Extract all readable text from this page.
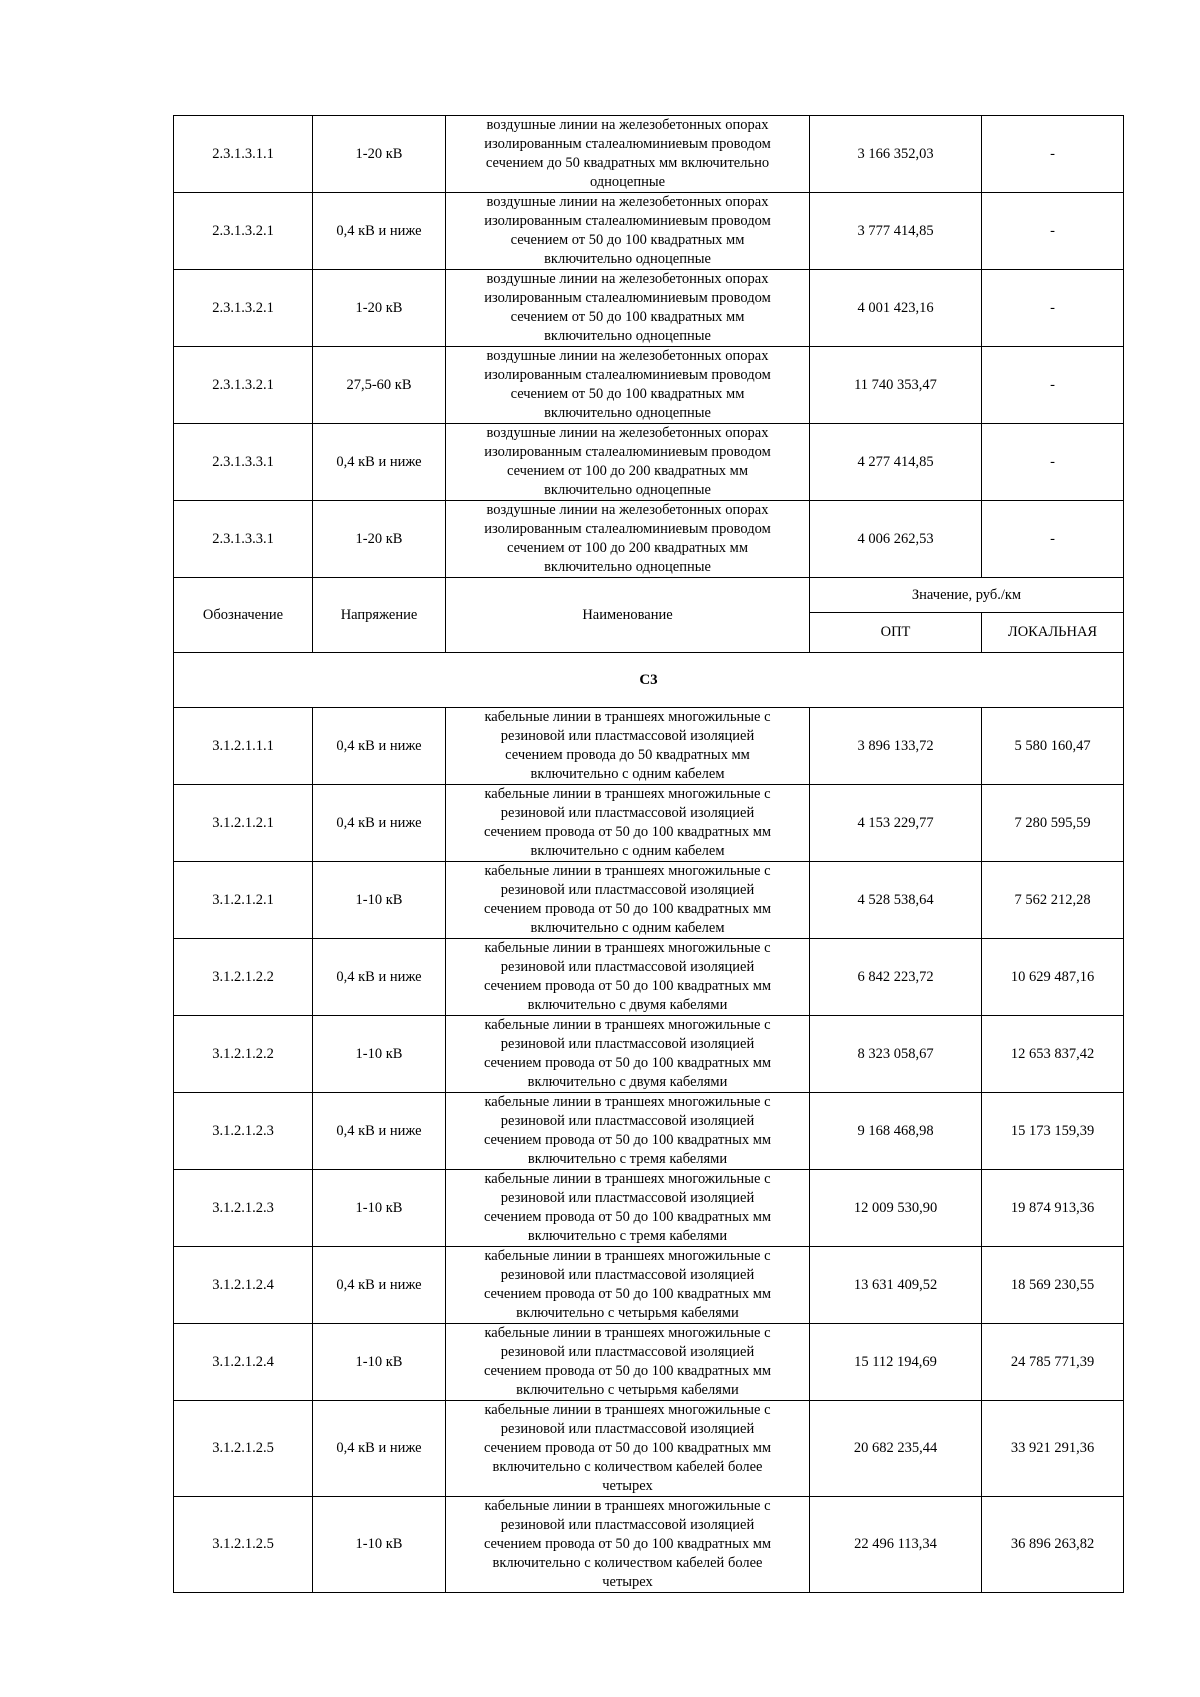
2.3.1.3.1.1	1-20 кВ	воздушные линии на железобетонных опорах
изолированным сталеалюминиевым проводом
сечением до 50 квадратных мм включительно
одноцепные	3 166 352,03	-
2.3.1.3.2.1	0,4 кВ и ниже	воздушные линии на железобетонных опорах
изолированным сталеалюминиевым проводом
сечением от 50 до 100 квадратных мм
включительно одноцепные	3 777 414,85	-
2.3.1.3.2.1	1-20 кВ	воздушные линии на железобетонных опорах
изолированным сталеалюминиевым проводом
сечением от 50 до 100 квадратных мм
включительно одноцепные	4 001 423,16	-
2.3.1.3.2.1	27,5-60 кВ	воздушные линии на железобетонных опорах
изолированным сталеалюминиевым проводом
сечением от 50 до 100 квадратных мм
включительно одноцепные	11 740 353,47	-
2.3.1.3.3.1	0,4 кВ и ниже	воздушные линии на железобетонных опорах
изолированным сталеалюминиевым проводом
сечением от 100 до 200 квадратных мм
включительно одноцепные	4 277 414,85	-
2.3.1.3.3.1	1-20 кВ	воздушные линии на железобетонных опорах
изолированным сталеалюминиевым проводом
сечением от 100 до 200 квадратных мм
включительно одноцепные	4 006 262,53	-
Обозначение	Напряжение	Наименование	Значение, руб./км	
			ОПТ	ЛОКАЛЬНАЯ
С3				
3.1.2.1.1.1	0,4 кВ и ниже	кабельные линии в траншеях многожильные с
резиновой или пластмассовой изоляцией
сечением провода до 50 квадратных мм
включительно с одним кабелем	3 896 133,72	5 580 160,47
3.1.2.1.2.1	0,4 кВ и ниже	кабельные линии в траншеях многожильные с
резиновой или пластмассовой изоляцией
сечением провода от 50 до 100 квадратных мм
включительно с одним кабелем	4 153 229,77	7 280 595,59
3.1.2.1.2.1	1-10 кВ	кабельные линии в траншеях многожильные с
резиновой или пластмассовой изоляцией
сечением провода от 50 до 100 квадратных мм
включительно с одним кабелем	4 528 538,64	7 562 212,28
3.1.2.1.2.2	0,4 кВ и ниже	кабельные линии в траншеях многожильные с
резиновой или пластмассовой изоляцией
сечением провода от 50 до 100 квадратных мм
включительно с двумя кабелями	6 842 223,72	10 629 487,16
3.1.2.1.2.2	1-10 кВ	кабельные линии в траншеях многожильные с
резиновой или пластмассовой изоляцией
сечением провода от 50 до 100 квадратных мм
включительно с двумя кабелями	8 323 058,67	12 653 837,42
3.1.2.1.2.3	0,4 кВ и ниже	кабельные линии в траншеях многожильные с
резиновой или пластмассовой изоляцией
сечением провода от 50 до 100 квадратных мм
включительно с тремя кабелями	9 168 468,98	15 173 159,39
3.1.2.1.2.3	1-10 кВ	кабельные линии в траншеях многожильные с
резиновой или пластмассовой изоляцией
сечением провода от 50 до 100 квадратных мм
включительно с тремя кабелями	12 009 530,90	19 874 913,36
3.1.2.1.2.4	0,4 кВ и ниже	кабельные линии в траншеях многожильные с
резиновой или пластмассовой изоляцией
сечением провода от 50 до 100 квадратных мм
включительно с четырьмя кабелями	13 631 409,52	18 569 230,55
3.1.2.1.2.4	1-10 кВ	кабельные линии в траншеях многожильные с
резиновой или пластмассовой изоляцией
сечением провода от 50 до 100 квадратных мм
включительно с четырьмя кабелями	15 112 194,69	24 785 771,39
3.1.2.1.2.5	0,4 кВ и ниже	кабельные линии в траншеях многожильные с
резиновой или пластмассовой изоляцией
сечением провода от 50 до 100 квадратных мм
включительно с количеством кабелей более
четырех	20 682 235,44	33 921 291,36
3.1.2.1.2.5	1-10 кВ	кабельные линии в траншеях многожильные с
резиновой или пластмассовой изоляцией
сечением провода от 50 до 100 квадратных мм
включительно с количеством кабелей более
четырех	22 496 113,34	36 896 263,82
